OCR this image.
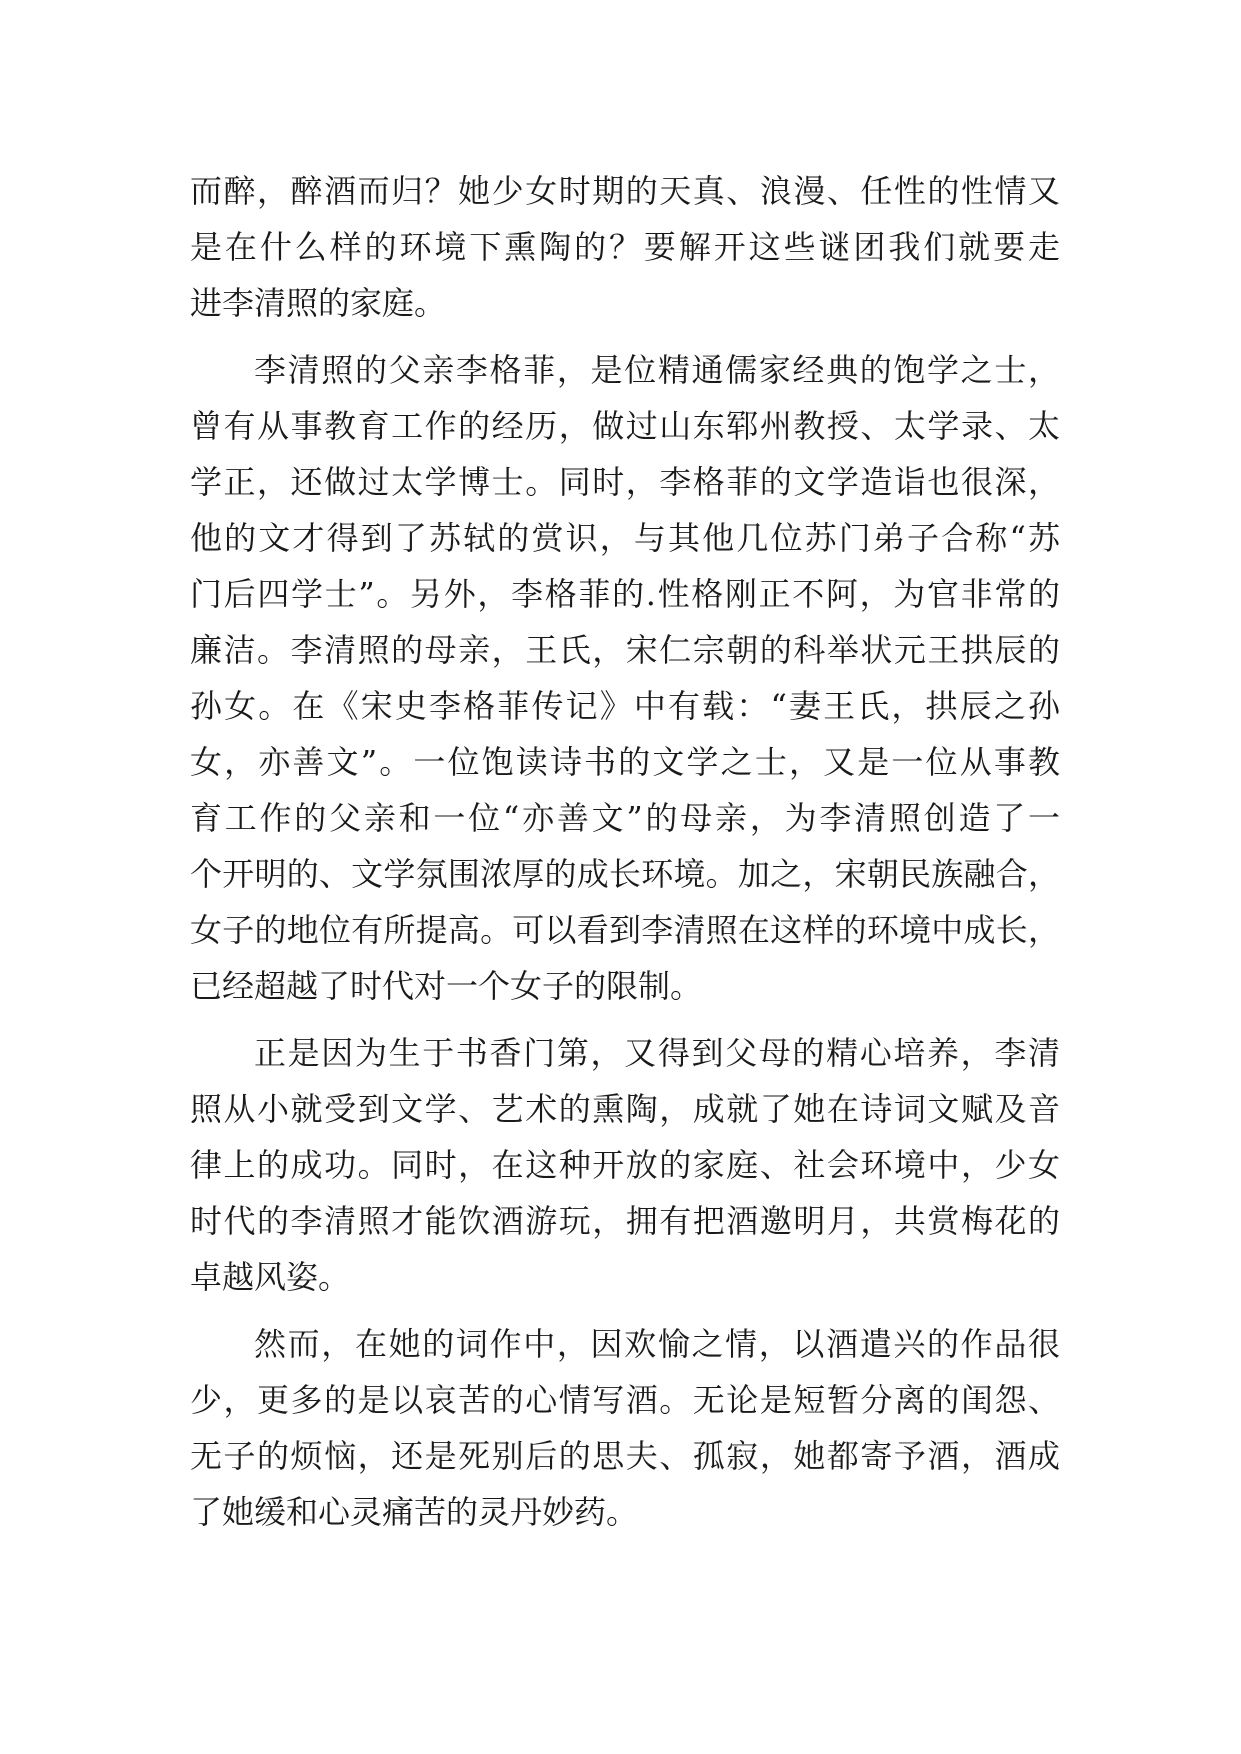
而醉，醉酒而归？她少女时期的天真、浪漫、任性的性情又
是在什么样的环境下熏陶的？要解开这些谜团我们就要走
进李清照的家庭。
李清照的父亲李格菲，是位精通儒家经典的饱学之士，
曾有从事教育工作的经历，做过山东郓州教授、太学录、太
学正，还做过太学博士。同时，李格菲的文学造诣也很深，
他的文才得到了苏轼的赏识，与其他几位苏门弟子合称“苏
门后四学士”。另外，李格菲的.性格刚正不阿，为官非常的
廉洁。李清照的母亲，王氏，宋仁宗朝的科举状元王拱辰的
孙女。在《宋史李格菲传记》中有载：“妻王氏，拱辰之孙
女，亦善文”。一位饱读诗书的文学之士，又是一位从事教
育工作的父亲和一位“亦善文”的母亲，为李清照创造了一
个开明的、文学氛围浓厚的成长环境。加之，宋朝民族融合，
女子的地位有所提高。可以看到李清照在这样的环境中成长，
已经超越了时代对一个女子的限制。
正是因为生于书香门第，又得到父母的精心培养，李清
照从小就受到文学、艺术的熏陶，成就了她在诗词文赋及音
律上的成功。同时，在这种开放的家庭、社会环境中，少女
时代的李清照才能饮酒游玩，拥有把酒邀明月，共赏梅花的
卓越风姿。
然而，在她的词作中，因欢愉之情，以酒遣兴的作品很
少，更多的是以哀苦的心情写酒。无论是短暂分离的闺怨、
无子的烦恼，还是死别后的思夫、孤寂，她都寄予酒，酒成
了她缓和心灵痛苦的灵丹妙药。
